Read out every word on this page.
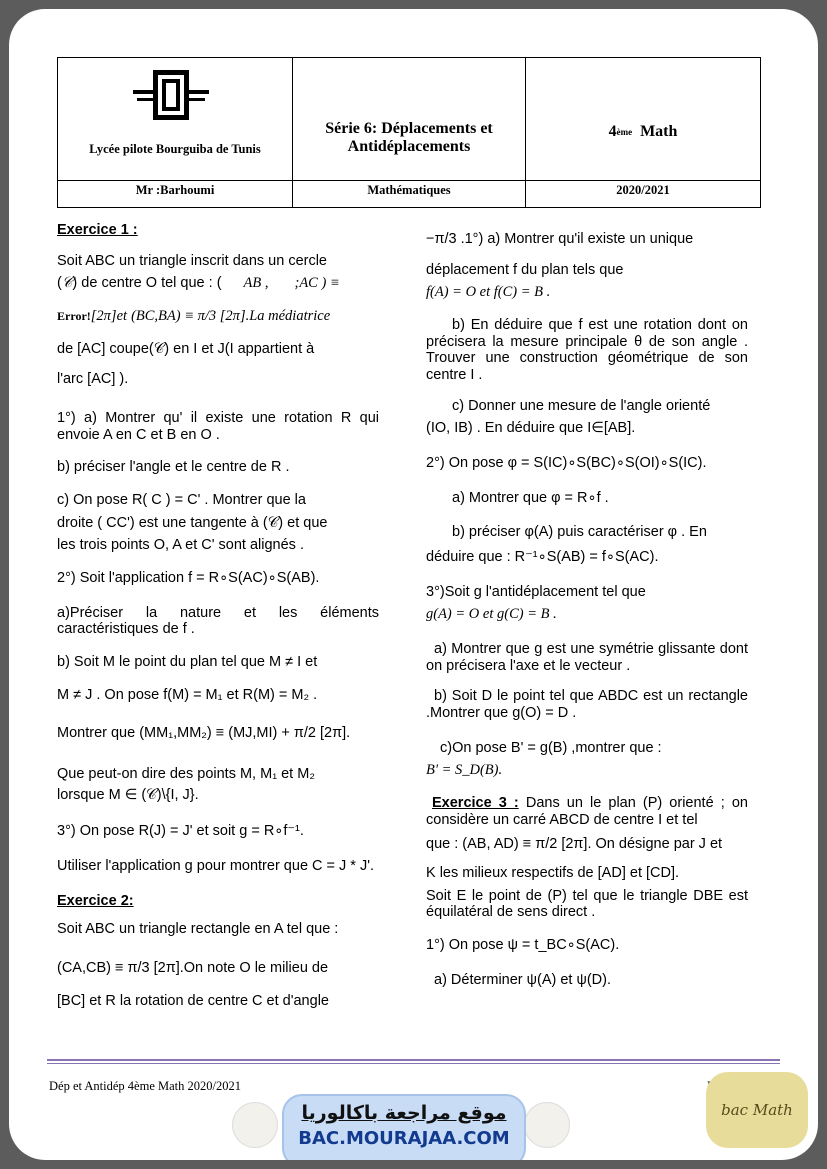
Lycée pilote Bourguiba de Tunis
Série 6: Déplacements et
Antidéplacements
4 ème Math
Mr :Barhoumi	Mathématiques	2020/2021

Exercice 1 :

Soit ABC un triangle inscrit dans un cercle

(𝒞) de centre O tel que : ( AB , ;AC ) ≡

Error![2π]et (BC,BA) ≡ π/3 [2π].La médiatrice

de [AC] coupe(𝒞) en I et J(I appartient à

l'arc [AC] ).

1°) a) Montrer qu' il existe une rotation R qui envoie A en C et B en O .

b) préciser l'angle et le centre de R .

c) On pose R( C ) = C' . Montrer que la

droite ( CC') est une tangente à (𝒞) et que

les trois points O, A et C' sont alignés .

2°) Soit l'application f = R∘S(AC)∘S(AB).

a)Préciser la nature et les éléments caractéristiques de f .

b) Soit M le point du plan tel que M ≠ I et

M ≠ J . On pose f(M) = M₁ et R(M) = M₂ .

Montrer que (MM₁,MM₂) ≡ (MJ,MI) + π/2 [2π].

Que peut-on dire des points M, M₁ et M₂

lorsque M ∈ (𝒞)\{I, J}.

3°) On pose R(J) = J' et soit g = R∘f⁻¹.

Utiliser l'application g pour montrer que C = J * J'.

Exercice 2:

Soit ABC un triangle rectangle en A tel que :

(CA,CB) ≡ π/3 [2π].On note O le milieu de

[BC] et R la rotation de centre C et d'angle

−π/3 .1°) a) Montrer qu'il existe un unique

déplacement f du plan tels que

f(A) = O et f(C) = B .

b) En déduire que f est une rotation dont on précisera la mesure principale θ de son angle . Trouver une construction géométrique de son centre I .

c) Donner une mesure de l'angle orienté

(IO, IB) . En déduire que I∈[AB].

2°) On pose φ = S(IC)∘S(BC)∘S(OI)∘S(IC).

a) Montrer que φ = R∘f .

b) préciser φ(A) puis caractériser φ . En

déduire que : R⁻¹∘S(AB) = f∘S(AC).

3°)Soit g l'antidéplacement tel que

g(A) = O et g(C) = B .

a) Montrer que g est une symétrie glissante dont on précisera l'axe et le vecteur .

b) Soit D le point tel que ABDC est un rectangle .Montrer que g(O) = D .

c)On pose B' = g(B) ,montrer que :

B' = S_D(B).

Exercice 3 : Dans un le plan (P) orienté ; on considère un carré ABCD de centre I et tel

que : (AB, AD) ≡ π/2 [2π]. On désigne par J et

K les milieux respectifs de [AD] et [CD].

Soit E le point de (P) tel que le triangle DBE est équilatéral de sens direct .

1°) On pose ψ = t_BC∘S(AC).

a) Déterminer ψ(A) et ψ(D).

Dép et Antidép 4ème Math 2020/2021
موقع مراجعة باكالوريا
BAC.MOURAJAA.COM
bac Math
